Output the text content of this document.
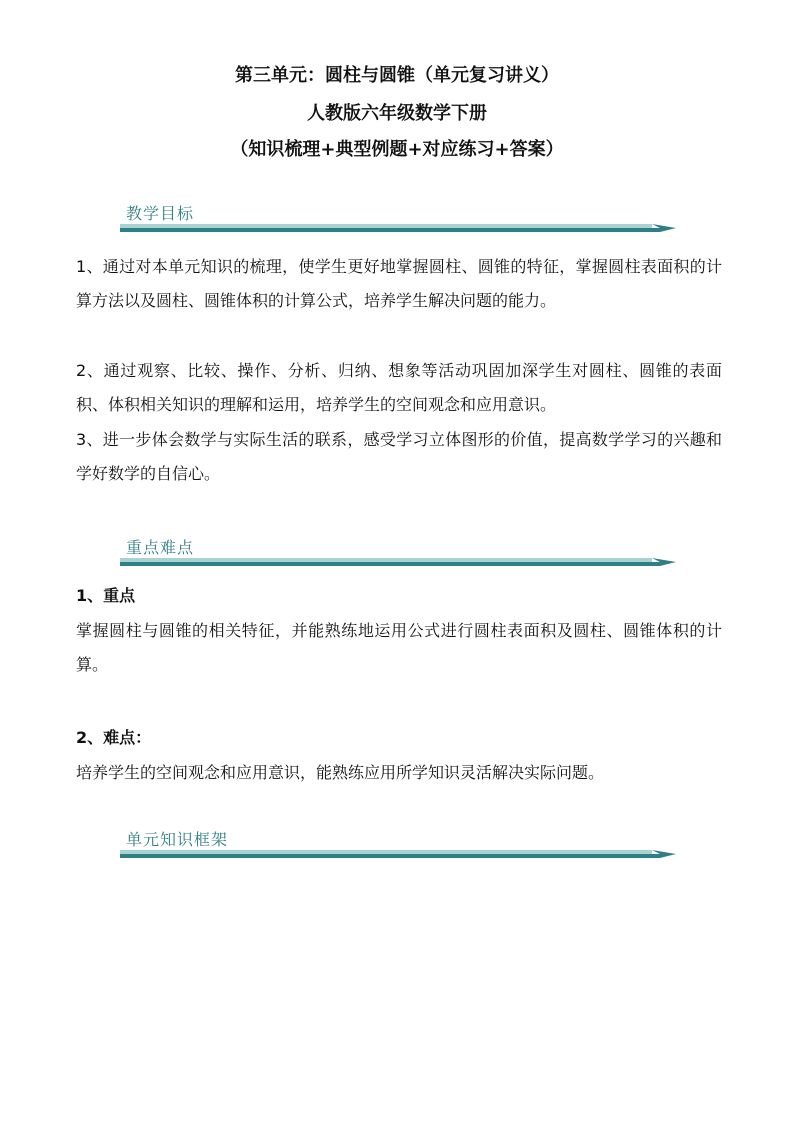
第三单元：圆柱与圆锥（单元复习讲义）
人教版六年级数学下册
（知识梳理+典型例题+对应练习+答案）
教学目标
1、通过对本单元知识的梳理，使学生更好地掌握圆柱、圆锥的特征，掌握圆柱表面积的计算方法以及圆柱、圆锥体积的计算公式，培养学生解决问题的能力。
2、通过观察、比较、操作、分析、归纳、想象等活动巩固加深学生对圆柱、圆锥的表面积、体积相关知识的理解和运用，培养学生的空间观念和应用意识。
3、进一步体会数学与实际生活的联系，感受学习立体图形的价值，提高数学学习的兴趣和学好数学的自信心。
重点难点
1、重点
掌握圆柱与圆锥的相关特征，并能熟练地运用公式进行圆柱表面积及圆柱、圆锥体积的计算。
2、难点：
培养学生的空间观念和应用意识，能熟练应用所学知识灵活解决实际问题。
单元知识框架
